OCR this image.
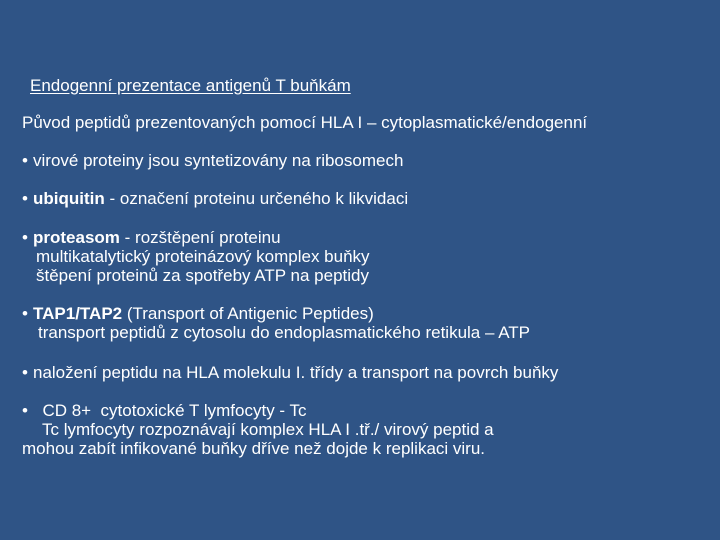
Endogenní prezentace antigenů T buňkám
Původ peptidů prezentovaných pomocí HLA I – cytoplasmatické/endogenní
• virové proteiny jsou syntetizovány na ribosomech
• ubiquitin - označení proteinu určeného k likvidaci
• proteasom - rozštěpení proteinu
multikatalytický proteinázový komplex buňky
štěpení proteinů za spotřeby ATP na peptidy
• TAP1/TAP2 (Transport of Antigenic Peptides)
transport peptidů z cytosolu do endoplasmatického retikula – ATP
• naložení peptidu na HLA molekulu I. třídy a transport na povrch buňky
•  CD 8+  cytotoxické T lymfocyty - Tc
Tc lymfocyty rozpoznávají komplex HLA I .tř./ virový peptid a
mohou zabít infikované buňky dříve než dojde k replikaci viru.
